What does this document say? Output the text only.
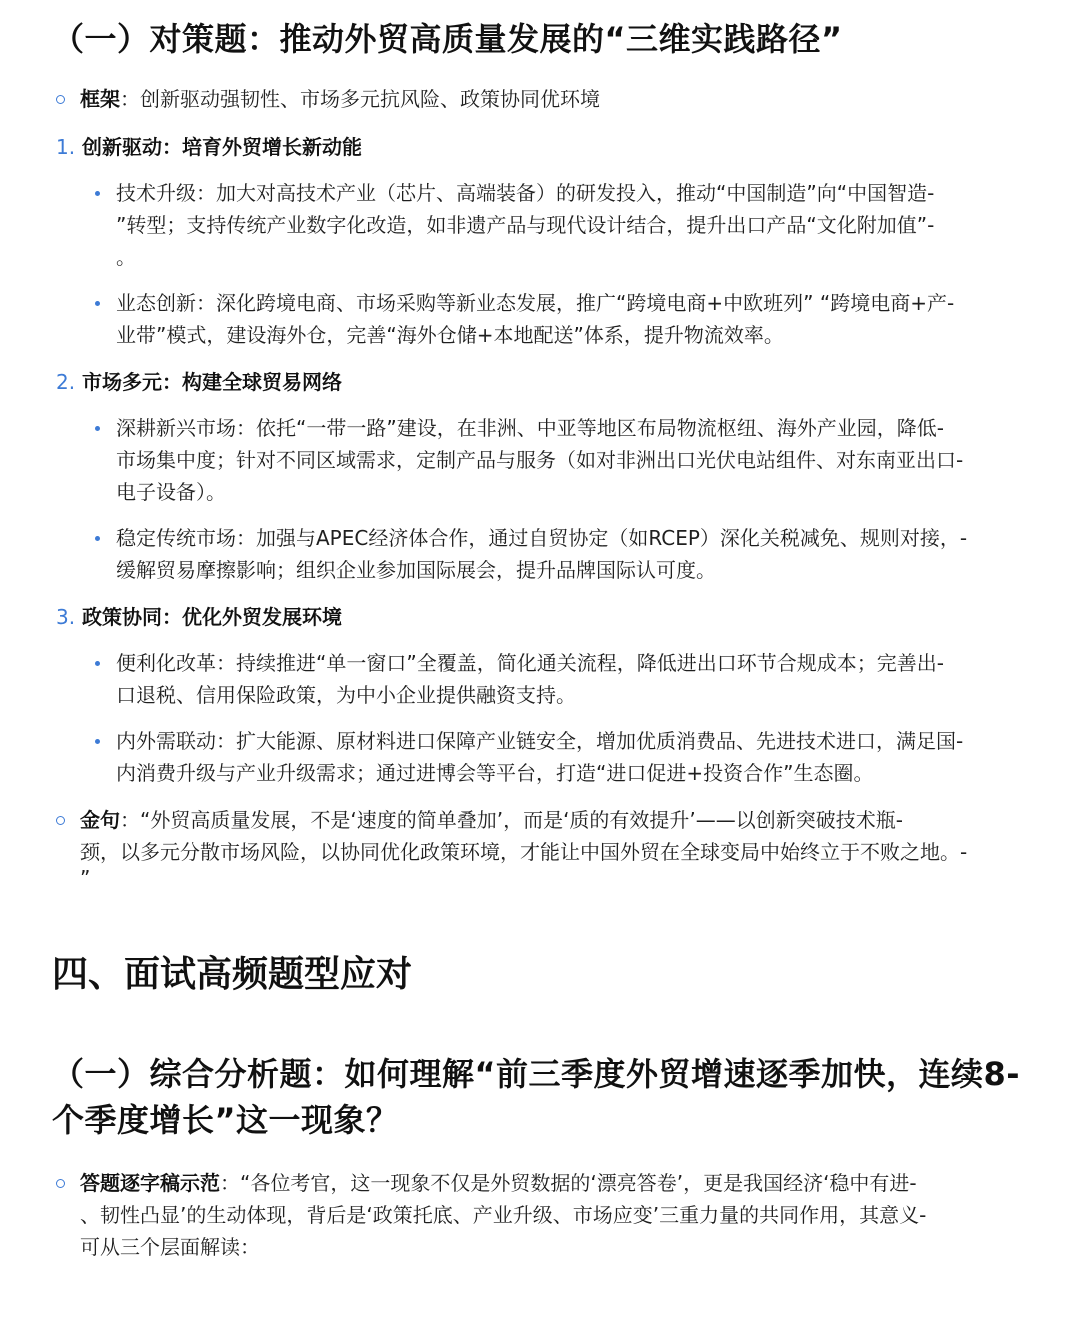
（一）对策题：推动外贸高质量发展的“三维实践路径”
框架：创新驱动强韧性、市场多元抗风险、政策协同优环境
1. 创新驱动：培育外贸增长新动能
技术升级：加大对高技术产业（芯片、高端装备）的研发投入，推动“中国制造”向“中国智造-
”转型；支持传统产业数字化改造，如非遗产品与现代设计结合，提升出口产品“文化附加值”-
。
业态创新：深化跨境电商、市场采购等新业态发展，推广“跨境电商+中欧班列” “跨境电商+产-
业带”模式，建设海外仓，完善“海外仓储+本地配送”体系，提升物流效率。
2. 市场多元：构建全球贸易网络
深耕新兴市场：依托“一带一路”建设，在非洲、中亚等地区布局物流枢纽、海外产业园，降低-
市场集中度；针对不同区域需求，定制产品与服务（如对非洲出口光伏电站组件、对东南亚出口-
电子设备）。
稳定传统市场：加强与APEC经济体合作，通过自贸协定（如RCEP）深化关税减免、规则对接，-
缓解贸易摩擦影响；组织企业参加国际展会，提升品牌国际认可度。
3. 政策协同：优化外贸发展环境
便利化改革：持续推进“单一窗口”全覆盖，简化通关流程，降低进出口环节合规成本；完善出-
口退税、信用保险政策，为中小企业提供融资支持。
内外需联动：扩大能源、原材料进口保障产业链安全，增加优质消费品、先进技术进口，满足国-
内消费升级与产业升级需求；通过进博会等平台，打造“进口促进+投资合作”生态圈。
金句：“外贸高质量发展，不是‘速度的简单叠加’，而是‘质的有效提升’——以创新突破技术瓶-
颈，以多元分散市场风险，以协同优化政策环境，才能让中国外贸在全球变局中始终立于不败之地。-
”
四、面试高频题型应对
（一）综合分析题：如何理解“前三季度外贸增速逐季加快，连续8-
个季度增长”这一现象？
答题逐字稿示范：“各位考官，这一现象不仅是外贸数据的‘漂亮答卷’，更是我国经济‘稳中有进-
、韧性凸显’的生动体现，背后是‘政策托底、产业升级、市场应变’三重力量的共同作用，其意义-
可从三个层面解读：
